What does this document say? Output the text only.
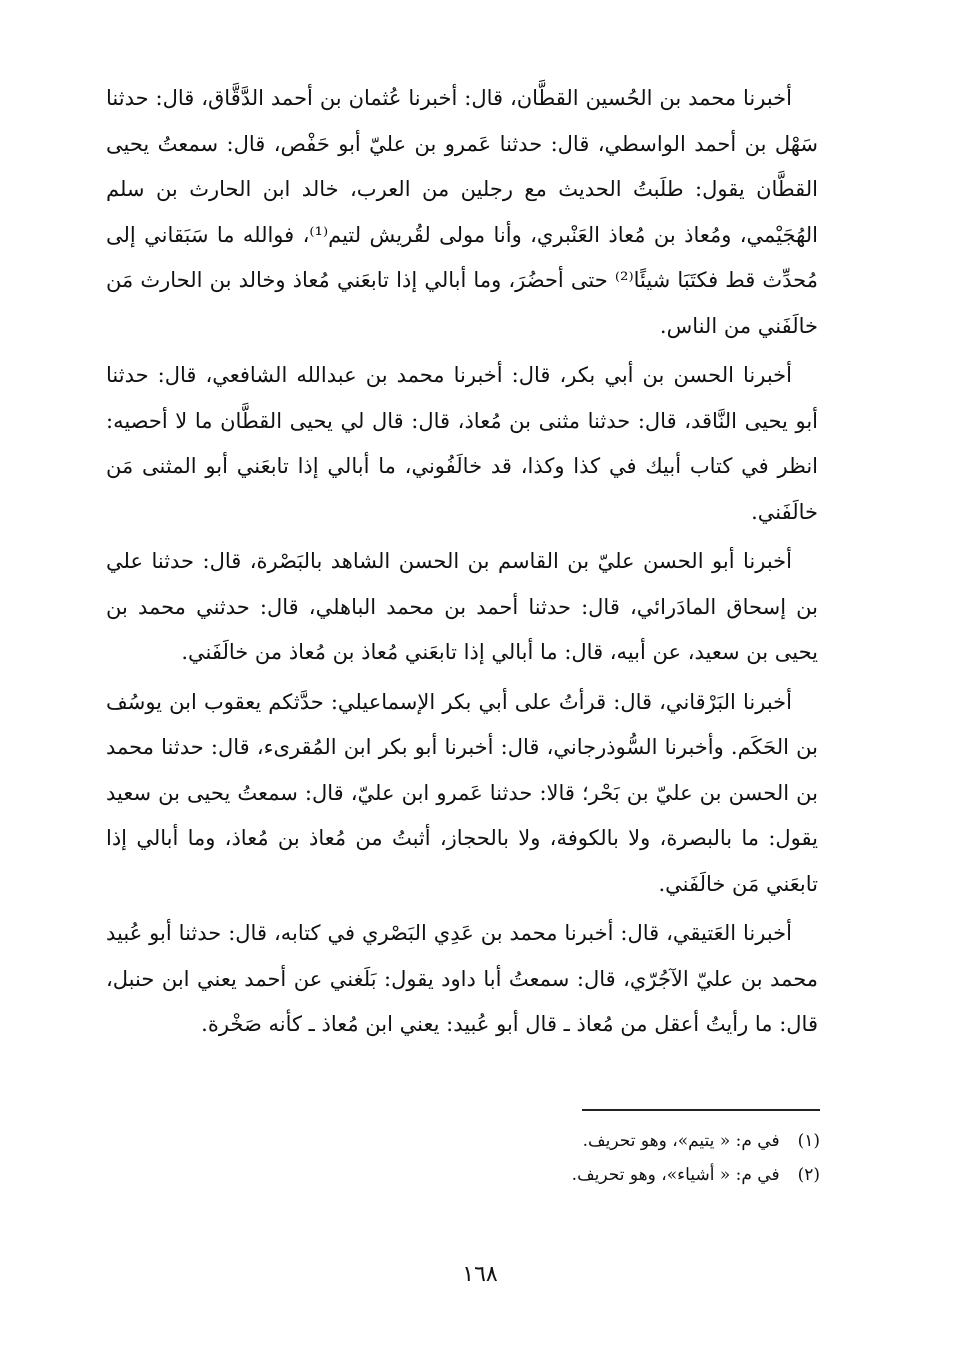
أخبرنا محمد بن الحُسين القطَّان، قال: أخبرنا عُثمان بن أحمد الدَّقَّاق، قال: حدثنا سَهْل بن أحمد الواسطي، قال: حدثنا عَمرو بن عليّ أبو حَفْص، قال: سمعتُ يحيى القطَّان يقول: طلَبتُ الحديث مع رجلين من العرب، خالد ابن الحارث بن سلم الهُجَيْمي، ومُعاذ بن مُعاذ العَنْبري، وأنا مولى لقُريش لتيم⁽¹⁾، فوالله ما سَبَقاني إلى مُحدِّث قط فكتَبَا شيئًا⁽²⁾ حتى أحضُرَ، وما أبالي إذا تابعَني مُعاذ وخالد بن الحارث مَن خالَفَني من الناس.

أخبرنا الحسن بن أبي بكر، قال: أخبرنا محمد بن عبدالله الشافعي، قال: حدثنا أبو يحيى النَّاقد، قال: حدثنا مثنى بن مُعاذ، قال: قال لي يحيى القطَّان ما لا أحصيه: انظر في كتاب أبيك في كذا وكذا، قد خالَفُوني، ما أبالي إذا تابعَني أبو المثنى مَن خالَفَني.

أخبرنا أبو الحسن عليّ بن القاسم بن الحسن الشاهد بالبَصْرة، قال: حدثنا علي بن إسحاق المادَرائي، قال: حدثنا أحمد بن محمد الباهلي، قال: حدثني محمد بن يحيى بن سعيد، عن أبيه، قال: ما أبالي إذا تابعَني مُعاذ بن مُعاذ من خالَفَني.

أخبرنا البَرْقاني، قال: قرأتُ على أبي بكر الإسماعيلي: حدَّثكم يعقوب ابن يوسُف بن الحَكَم. وأخبرنا السُّوذرجاني، قال: أخبرنا أبو بكر ابن المُقرىء، قال: حدثنا محمد بن الحسن بن عليّ بن بَحْر؛ قالا: حدثنا عَمرو ابن عليّ، قال: سمعتُ يحيى بن سعيد يقول: ما بالبصرة، ولا بالكوفة، ولا بالحجاز، أثبتُ من مُعاذ بن مُعاذ، وما أبالي إذا تابعَني مَن خالَفَني.

أخبرنا العَتيقي، قال: أخبرنا محمد بن عَدِي البَصْري في كتابه، قال: حدثنا أبو عُبيد محمد بن عليّ الآجُرّي، قال: سمعتُ أبا داود يقول: بَلَغني عن أحمد يعني ابن حنبل، قال: ما رأيتُ أعقل من مُعاذ ـ قال أبو عُبيد: يعني ابن مُعاذ ـ كأنه صَخْرة.

(١)في م: « يتيم»، وهو تحريف.

(٢)في م: « أشياء»، وهو تحريف.

١٦٨
